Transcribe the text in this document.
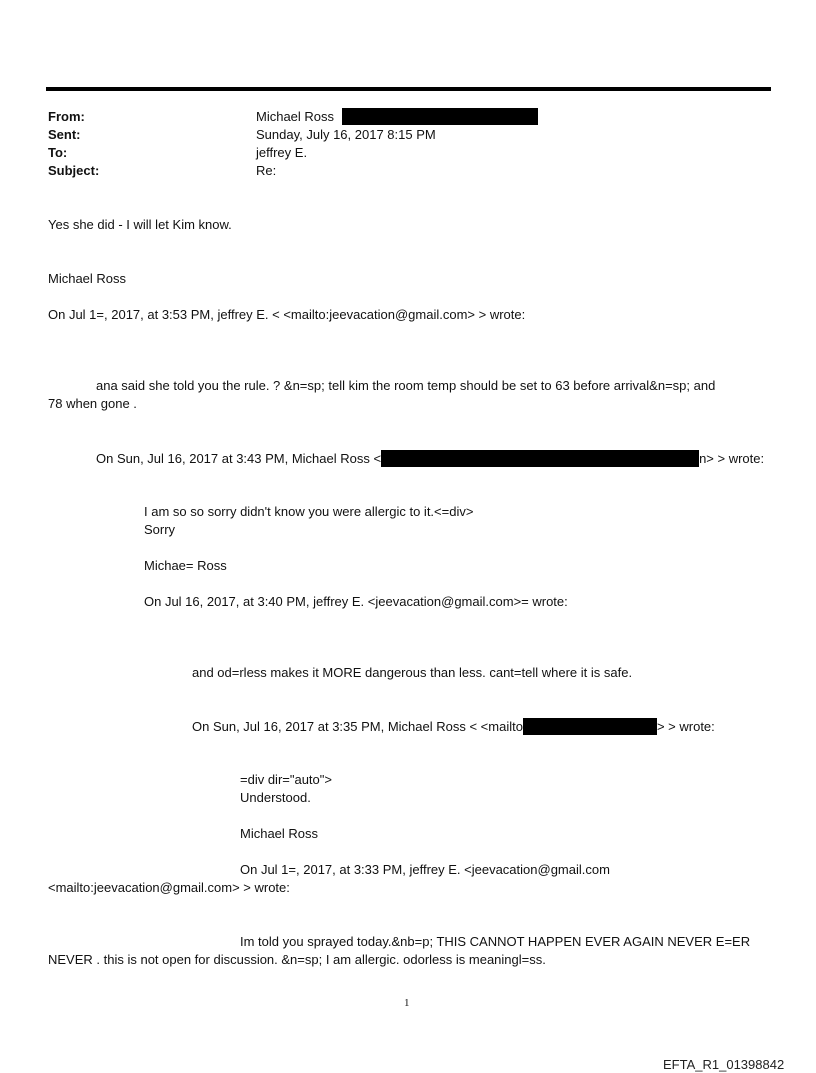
From:	Michael Ross
Sent:	Sunday, July 16, 2017 8:15 PM
To:	jeffrey E.
Subject:	Re:
Yes she did - I will let Kim know.
Michael Ross
On Jul 1=, 2017, at 3:53 PM, jeffrey E. < <mailto:jeevacation@gmail.com> > wrote:
ana said she told you the rule. ? &n=sp; tell kim the room temp should be set to 63 before arrival&n=sp; and
78 when gone .
On Sun, Jul 16, 2017 at 3:43 PM, Michael Ross <	n> > wrote:
I am so so sorry didn't know you were allergic to it.<=div>
Sorry
Michae= Ross
On Jul 16, 2017, at 3:40 PM, jeffrey E. <jeevacation@gmail.com>= wrote:
and od=rless makes it MORE dangerous than less. cant=tell where it is safe.
On Sun, Jul 16, 2017 at 3:35 PM, Michael Ross < <mailto	> > wrote:
=div dir="auto">
Understood.
Michael Ross
On Jul 1=, 2017, at 3:33 PM, jeffrey E. <jeevacation@gmail.com
<mailto:jeevacation@gmail.com> > wrote:
Im told you sprayed today.&nb=p; THIS CANNOT HAPPEN EVER AGAIN NEVER E=ER
NEVER . this is not open for discussion. &n=sp; I am allergic. odorless is meaningl=ss.
1
EFTA_R1_01398842
